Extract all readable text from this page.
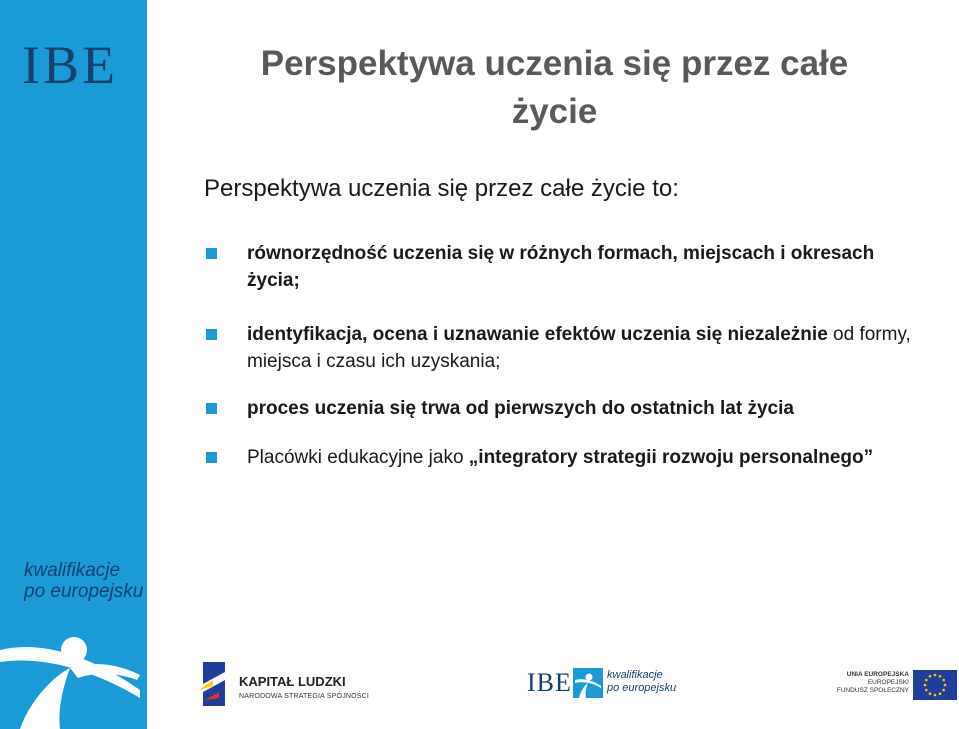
IBE
kwalifikacje
po europejsku
Perspektywa uczenia się przez całe
życie
Perspektywa uczenia się przez całe życie to:
równorzędność uczenia się w różnych formach, miejscach i okresach życia;
identyfikacja, ocena i uznawanie efektów uczenia się niezależnie od formy, miejsca i czasu ich uzyskania;
proces uczenia się trwa od pierwszych do ostatnich lat życia
Placówki edukacyjne jako „integratory strategii rozwoju personalnego”
KAPITAŁ LUDZKI
NARODOWA STRATEGIA SPÓJNOŚCI	IBE	kwalifikacje
po europejsku
UNIA EUROPEJSKA
EUROPEJSKI
FUNDUSZ SPOŁECZNY
